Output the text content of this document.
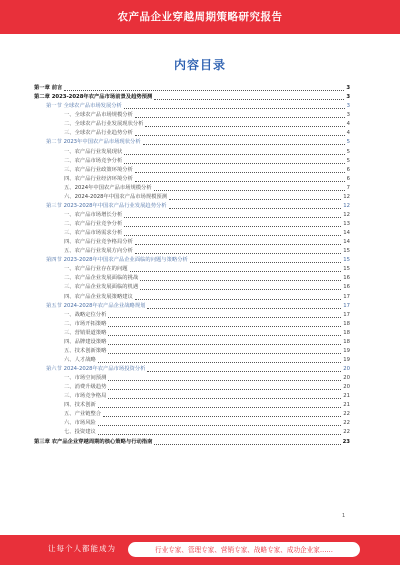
农产品企业穿越周期策略研究报告
内容目录
第一章 前言	3
第二章 2023-2028年农产品市场前景及趋势预测	3
第一节 全球农产品市场发展分析	3
一、全球农产品市场规模分析	3
二、全球农产品行业发展现状分析	4
三、全球农产品行业趋势分析	4
第二节 2023年中国农产品市场现状分析	5
一、农产品行业发展现状	5
二、农产品市场竞争分析	5
三、农产品行业政策环境分析	6
四、农产品行业经济环境分析	6
五、2024年中国农产品市场规模分析	7
六、2024-2028年中国农产品市场规模预测	12
第三节 2023-2028年中国农产品行业发展趋势分析	12
一、农产品市场增长分析	12
二、农产品行业竞争分析	13
三、农产品市场需求分析	14
四、农产品行业竞争格局分析	14
五、农产品行业发展方向分析	15
第四节 2023-2028年中国农产品企业面临的问题与策略分析	15
一、农产品行业存在的问题	15
二、农产品企业发展面临的挑战	16
三、农产品企业发展面临的机遇	16
四、农产品企业发展策略建议	17
第五节 2024-2028年农产品企业战略规划	17
一、战略定位分析	17
二、市场开拓策略	18
三、营销渠道策略	18
四、品牌建设策略	18
五、技术创新策略	19
六、人才战略	19
第六节 2024-2028年农产品市场投资分析	20
一、市场空间预测	20
二、消费升级趋势	20
三、市场竞争格局	21
四、技术创新	21
五、产业链整合	22
六、市场风险	22
七、投资建议	22
第三章 农产品企业穿越周期的核心策略与行动指南	23
1
让每个人都能成为	行业专家、管理专家、营销专家、战略专家、成功企业家……
